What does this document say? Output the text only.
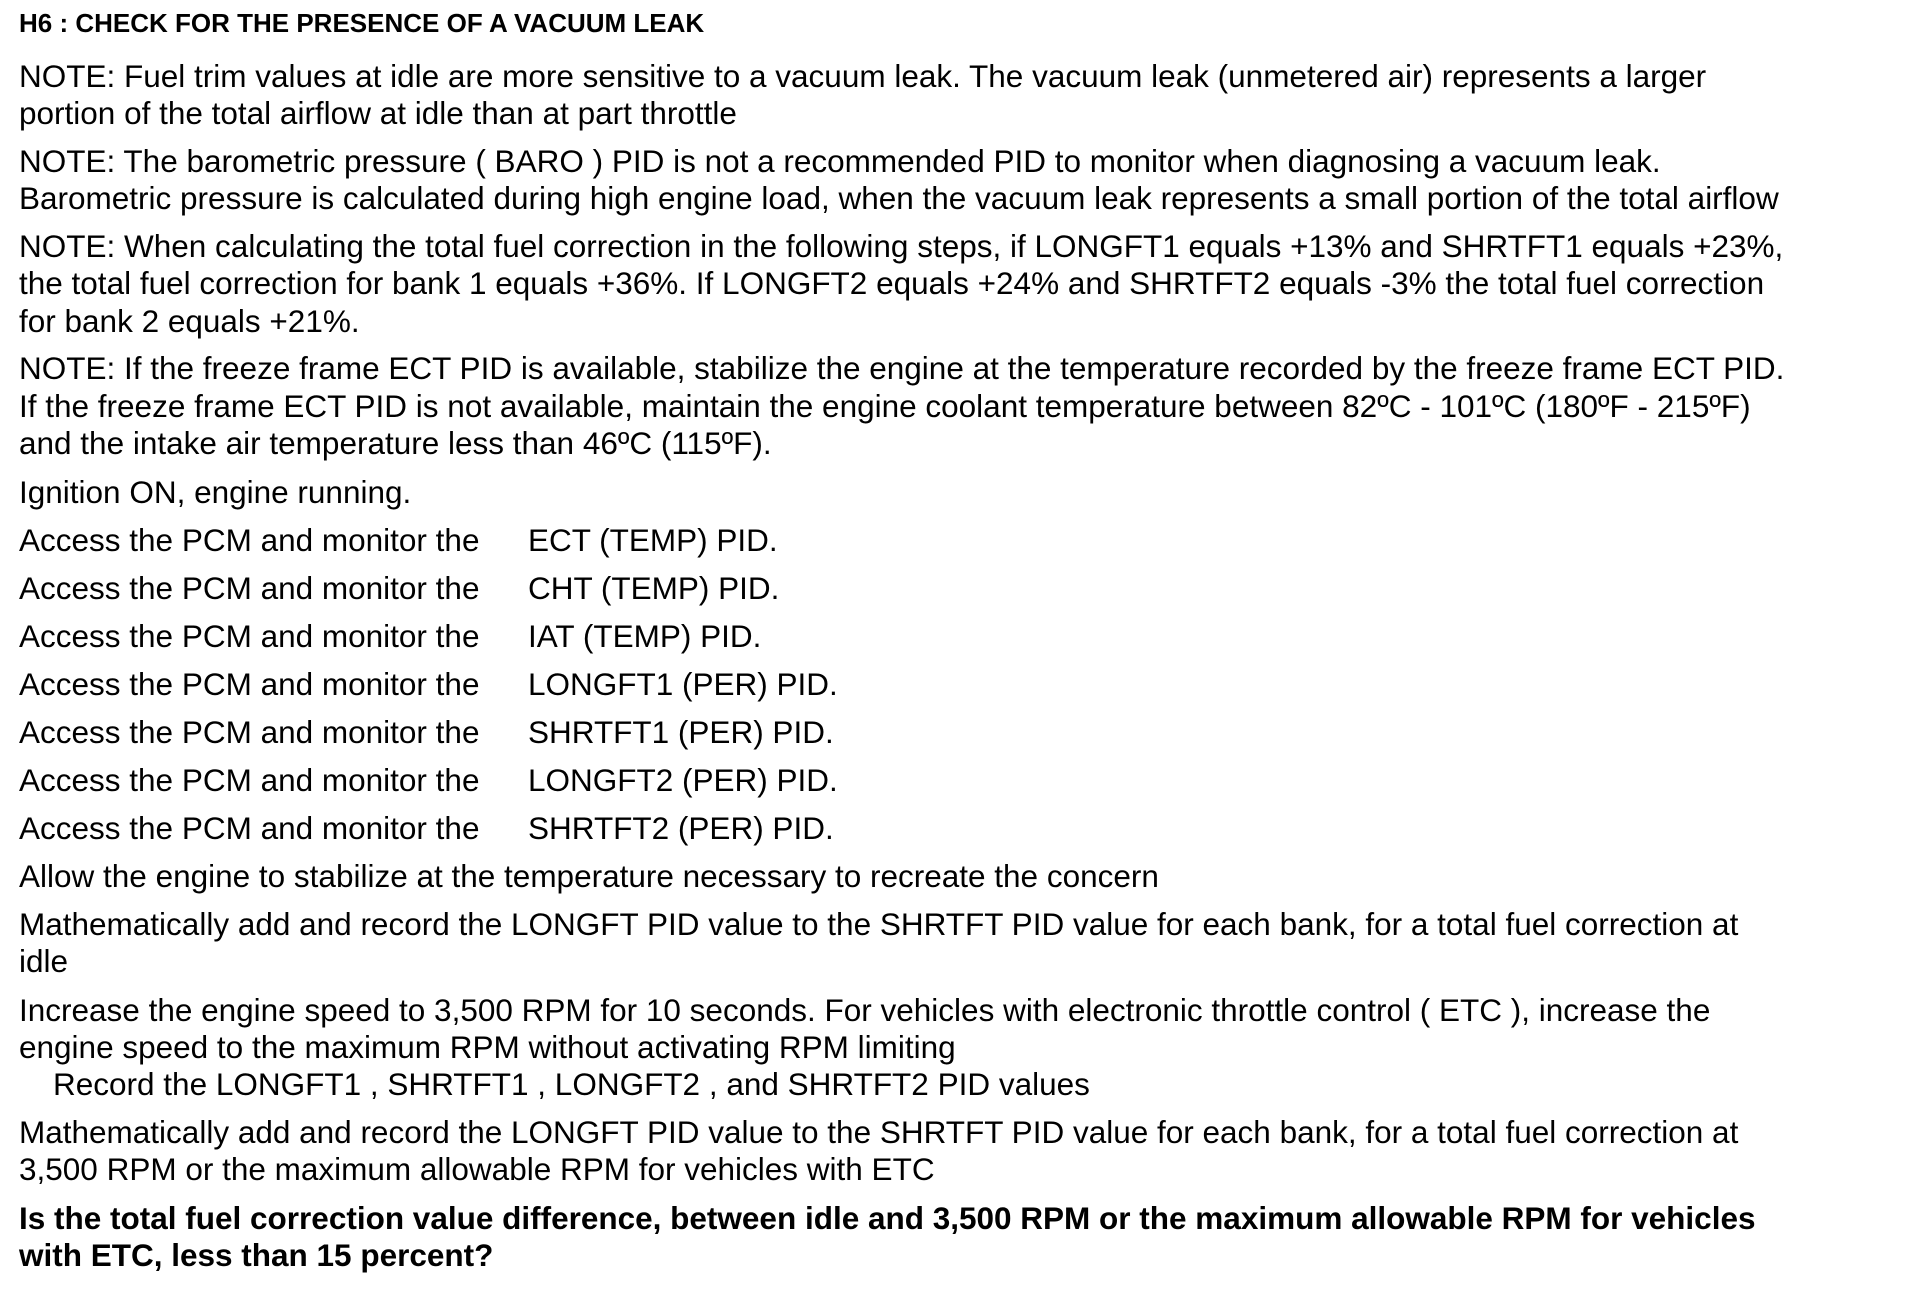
H6 : CHECK FOR THE PRESENCE OF A VACUUM LEAK

NOTE: Fuel trim values at idle are more sensitive to a vacuum leak. The vacuum leak (unmetered air) represents a larger

portion of the total airflow at idle than at part throttle

NOTE: The barometric pressure ( BARO ) PID is not a recommended PID to monitor when diagnosing a vacuum leak.

Barometric pressure is calculated during high engine load, when the vacuum leak represents a small portion of the total airflow

NOTE: When calculating the total fuel correction in the following steps, if LONGFT1 equals +13% and SHRTFT1 equals +23%,

the total fuel correction for bank 1 equals +36%. If LONGFT2 equals +24% and SHRTFT2 equals -3% the total fuel correction

for bank 2 equals +21%.

NOTE: If the freeze frame ECT PID is available, stabilize the engine at the temperature recorded by the freeze frame ECT PID.

If the freeze frame ECT PID is not available, maintain the engine coolant temperature between 82ºC - 101ºC (180ºF - 215ºF)

and the intake air temperature less than 46ºC (115ºF).

Ignition ON, engine running.

Access the PCM and monitor the ECT (TEMP) PID.
Access the PCM and monitor the CHT (TEMP) PID.
Access the PCM and monitor the IAT (TEMP) PID.
Access the PCM and monitor the LONGFT1 (PER) PID.
Access the PCM and monitor the SHRTFT1 (PER) PID.
Access the PCM and monitor the LONGFT2 (PER) PID.
Access the PCM and monitor the SHRTFT2 (PER) PID.

Allow the engine to stabilize at the temperature necessary to recreate the concern

Mathematically add and record the LONGFT PID value to the SHRTFT PID value for each bank, for a total fuel correction at

idle

Increase the engine speed to 3,500 RPM for 10 seconds. For vehicles with electronic throttle control ( ETC ), increase the

engine speed to the maximum RPM without activating RPM limiting

Record the LONGFT1 , SHRTFT1 , LONGFT2 , and SHRTFT2 PID values

Mathematically add and record the LONGFT PID value to the SHRTFT PID value for each bank, for a total fuel correction at

3,500 RPM or the maximum allowable RPM for vehicles with ETC

Is the total fuel correction value difference, between idle and 3,500 RPM or the maximum allowable RPM for vehicles

with ETC, less than 15 percent?
